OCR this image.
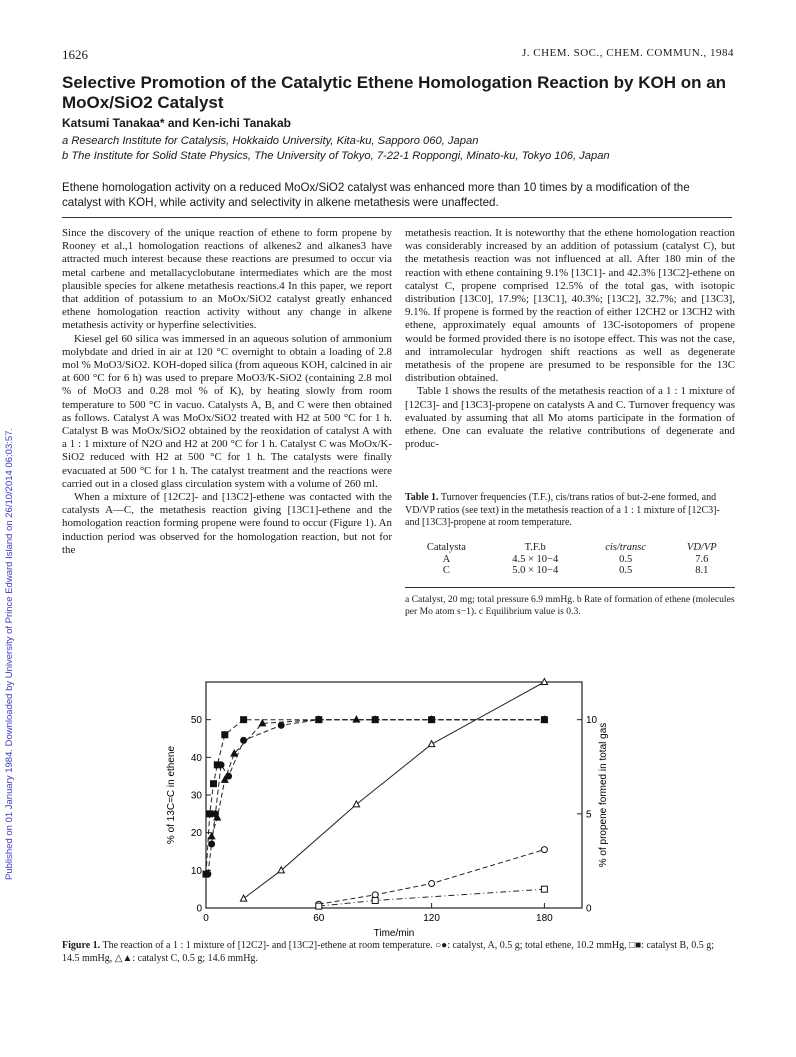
Published on 01 January 1984. Downloaded by University of Prince Edward Island on 26/10/2014 06:03:57.
1626	J. CHEM. SOC., CHEM. COMMUN., 1984
Selective Promotion of the Catalytic Ethene Homologation Reaction by KOH on an MoOx/SiO2 Catalyst
Katsumi Tanakaa* and Ken-ichi Tanakab
a Research Institute for Catalysis, Hokkaido University, Kita-ku, Sapporo 060, Japan
b The Institute for Solid State Physics, The University of Tokyo, 7-22-1 Roppongi, Minato-ku, Tokyo 106, Japan
Ethene homologation activity on a reduced MoOx/SiO2 catalyst was enhanced more than 10 times by a modification of the catalyst with KOH, while activity and selectivity in alkene metathesis were unaffected.

Since the discovery of the unique reaction of ethene to form propene by Rooney et al.,1 homologation reactions of alkenes2 and alkanes3 have attracted much interest because these reactions are presumed to occur via metal carbene and metallacyclobutane intermediates which are the most plausible species for alkene metathesis reactions.4 In this paper, we report that addition of potassium to an MoOx/SiO2 catalyst greatly enhanced ethene homologation reaction activity without any change in alkene metathesis activity or hyperfine selectivities.

Kiesel gel 60 silica was immersed in an aqueous solution of ammonium molybdate and dried in air at 120 °C overnight to obtain a loading of 2.8 mol % MoO3/SiO2. KOH-doped silica (from aqueous KOH, calcined in air at 600 °C for 6 h) was used to prepare MoO3/K-SiO2 (containing 2.8 mol % of MoO3 and 0.28 mol % of K), by heating slowly from room temperature to 500 °C in vacuo. Catalysts A, B, and C were then obtained as follows. Catalyst A was MoOx/SiO2 treated with H2 at 500 °C for 1 h. Catalyst B was MoOx/SiO2 obtained by the reoxidation of catalyst A with a 1 : 1 mixture of N2O and H2 at 200 °C for 1 h. Catalyst C was MoOx/K-SiO2 reduced with H2 at 500 °C for 1 h. The catalysts were finally evacuated at 500 °C for 1 h. The catalyst treatment and the reactions were carried out in a closed glass circulation system with a volume of 260 ml.

When a mixture of [12C2]- and [13C2]-ethene was contacted with the catalysts A—C, the metathesis reaction giving [13C1]-ethene and the homologation reaction forming propene were found to occur (Figure 1). An induction period was observed for the homologation reaction, but not for the

metathesis reaction. It is noteworthy that the ethene homologation reaction was considerably increased by an addition of potassium (catalyst C), but the metathesis reaction was not influenced at all. After 180 min of the reaction with ethene containing 9.1% [13C1]- and 42.3% [13C2]-ethene on catalyst C, propene comprised 12.5% of the total gas, with isotopic distribution [13C0], 17.9%; [13C1], 40.3%; [13C2], 32.7%; and [13C3], 9.1%. If propene is formed by the reaction of either 12CH2 or 13CH2 with ethene, approximately equal amounts of 13C-isotopomers of propene would be formed provided there is no isotope effect. This was not the case, and intramolecular hydrogen shift reactions as well as degenerate metathesis of the propene are presumed to be responsible for the 13C distribution obtained.

Table 1 shows the results of the metathesis reaction of a 1 : 1 mixture of [12C3]- and [13C3]-propene on catalysts A and C. Turnover frequency was evaluated by assuming that all Mo atoms participate in the formation of ethene. One can evaluate the relative contributions of degenerate and produc-

Table 1. Turnover frequencies (T.F.), cis/trans ratios of but-2-ene formed, and VD/VP ratios (see text) in the metathesis reaction of a 1 : 1 mixture of [12C3]- and [13C3]-propene at room temperature.
Catalysta	T.F.b	cis/transc	VD/VP
A	4.5 × 10−4	0.5	7.6
C	5.0 × 10−4	0.5	8.1
a Catalyst, 20 mg; total pressure 6.9 mmHg. b Rate of formation of ethene (molecules per Mo atom s−1). c Equilibrium value is 0.3.
0	60	120	180
0
10
20
30
40
50
0
5
10
Time/min
% of 13C=C in ethene	% of propene formed in total gas
Figure 1. The reaction of a 1 : 1 mixture of [12C2]- and [13C2]-ethene at room temperature. ○●: catalyst, A, 0.5 g; total ethene, 10.2 mmHg, □■: catalyst B, 0.5 g; 14.5 mmHg, △▲: catalyst C, 0.5 g; 14.6 mmHg.
